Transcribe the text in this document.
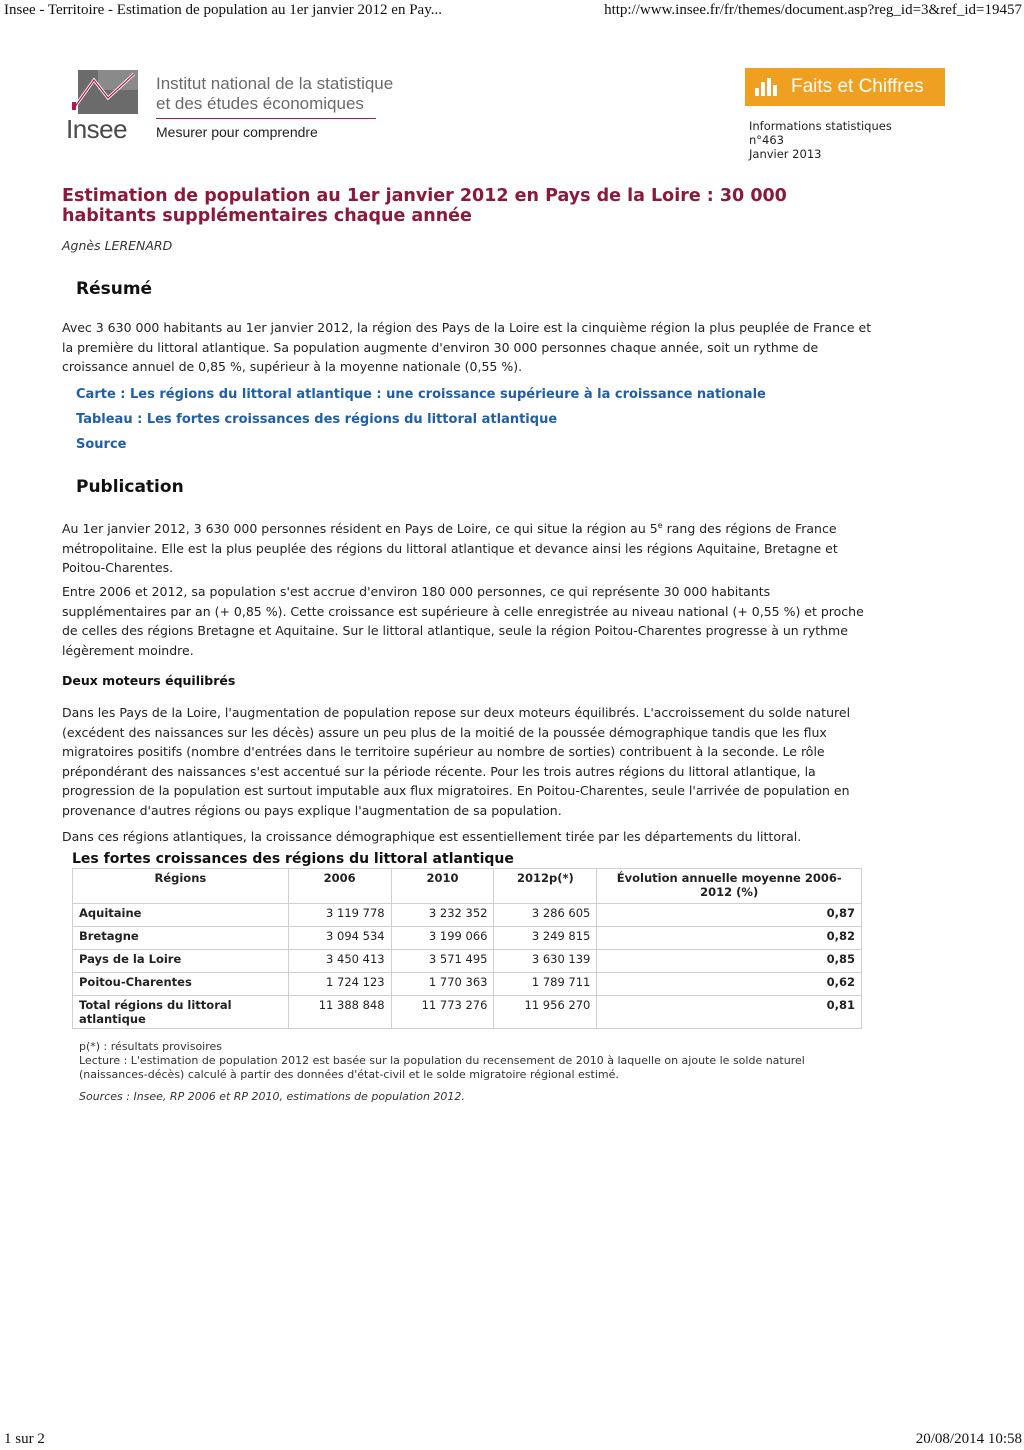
Insee - Territoire - Estimation de population au 1er janvier 2012 en Pay...	http://www.insee.fr/fr/themes/document.asp?reg_id=3&ref_id=19457
Insee
Institut national de la statistique
et des études économiques
Mesurer pour comprendre
Faits et Chiffres
Informations statistiques
n°463
Janvier 2013
Estimation de population au 1er janvier 2012 en Pays de la Loire : 30 000 habitants supplémentaires chaque année
Agnès LERENARD
Résumé

Avec 3 630 000 habitants au 1er janvier 2012, la région des Pays de la Loire est la cinquième région la plus peuplée de France et la première du littoral atlantique. Sa population augmente d'environ 30 000 personnes chaque année, soit un rythme de croissance annuel de 0,85 %, supérieur à la moyenne nationale (0,55 %).

Carte : Les régions du littoral atlantique : une croissance supérieure à la croissance nationale
Tableau : Les fortes croissances des régions du littoral atlantique
Source
Publication

Au 1er janvier 2012, 3 630 000 personnes résident en Pays de Loire, ce qui situe la région au 5e rang des régions de France métropolitaine. Elle est la plus peuplée des régions du littoral atlantique et devance ainsi les régions Aquitaine, Bretagne et Poitou-Charentes.

Entre 2006 et 2012, sa population s'est accrue d'environ 180 000 personnes, ce qui représente 30 000 habitants supplémentaires par an (+ 0,85 %). Cette croissance est supérieure à celle enregistrée au niveau national (+ 0,55 %) et proche de celles des régions Bretagne et Aquitaine. Sur le littoral atlantique, seule la région Poitou-Charentes progresse à un rythme légèrement moindre.

Deux moteurs équilibrés

Dans les Pays de la Loire, l'augmentation de population repose sur deux moteurs équilibrés. L'accroissement du solde naturel (excédent des naissances sur les décès) assure un peu plus de la moitié de la poussée démographique tandis que les flux migratoires positifs (nombre d'entrées dans le territoire supérieur au nombre de sorties) contribuent à la seconde. Le rôle prépondérant des naissances s'est accentué sur la période récente. Pour les trois autres régions du littoral atlantique, la progression de la population est surtout imputable aux flux migratoires. En Poitou-Charentes, seule l'arrivée de population en provenance d'autres régions ou pays explique l'augmentation de sa population.

Dans ces régions atlantiques, la croissance démographique est essentiellement tirée par les départements du littoral.

Les fortes croissances des régions du littoral atlantique
Régions	2006	2010	2012p(*)	Évolution annuelle moyenne 2006-2012 (%)
Aquitaine	3 119 778	3 232 352	3 286 605	0,87
Bretagne	3 094 534	3 199 066	3 249 815	0,82
Pays de la Loire	3 450 413	3 571 495	3 630 139	0,85
Poitou-Charentes	1 724 123	1 770 363	1 789 711	0,62
Total régions du littoral atlantique	11 388 848	11 773 276	11 956 270	0,81
p(*) : résultats provisoires
Lecture : L'estimation de population 2012 est basée sur la population du recensement de 2010 à laquelle on ajoute le solde naturel (naissances-décès) calculé à partir des données d'état-civil et le solde migratoire régional estimé.
Sources : Insee, RP 2006 et RP 2010, estimations de population 2012.
1 sur 2	20/08/2014 10:58
